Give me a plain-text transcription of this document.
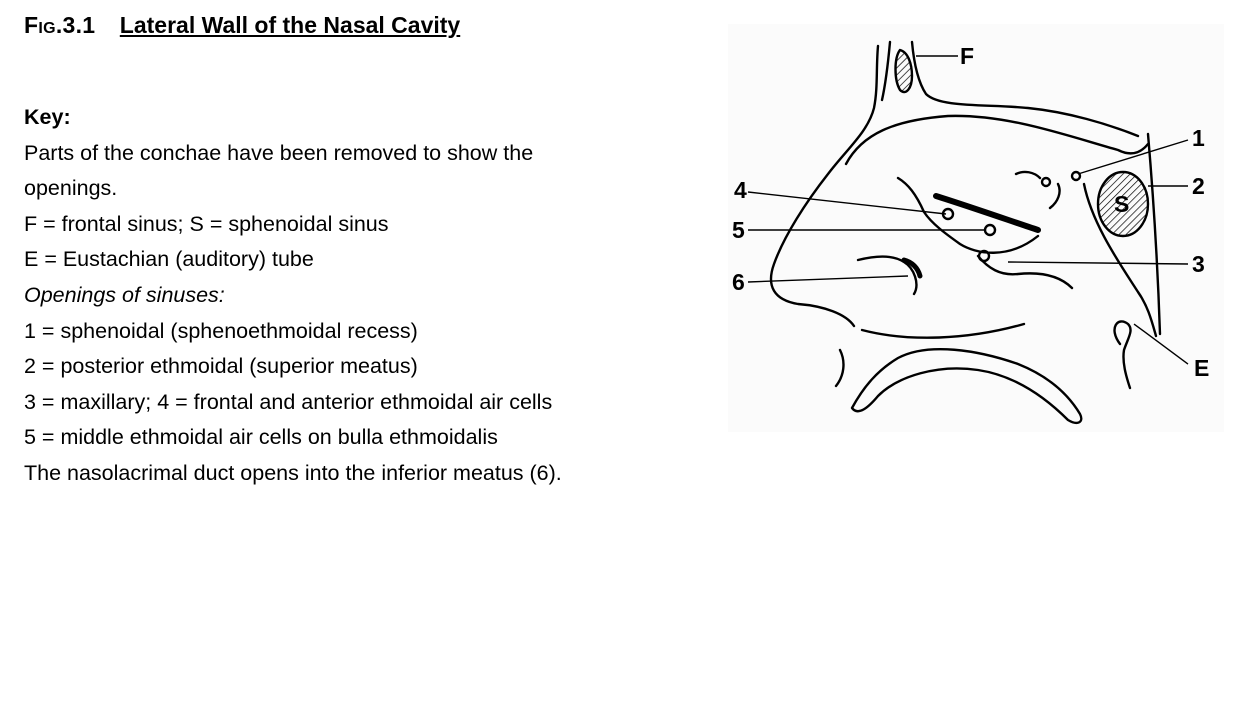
Fig.3.1 Lateral Wall of the Nasal Cavity
Key:
Parts of the conchae have been removed to show the
openings.
F = frontal sinus; S = sphenoidal sinus
E = Eustachian (auditory) tube
Openings of sinuses:
1 = sphenoidal (sphenoethmoidal recess)
2 = posterior ethmoidal (superior meatus)
3 = maxillary; 4 = frontal and anterior ethmoidal air cells
5 = middle ethmoidal air cells on bulla ethmoidalis
The nasolacrimal duct opens into the inferior meatus (6).
F
S
1
2
3
4
5
6
E
